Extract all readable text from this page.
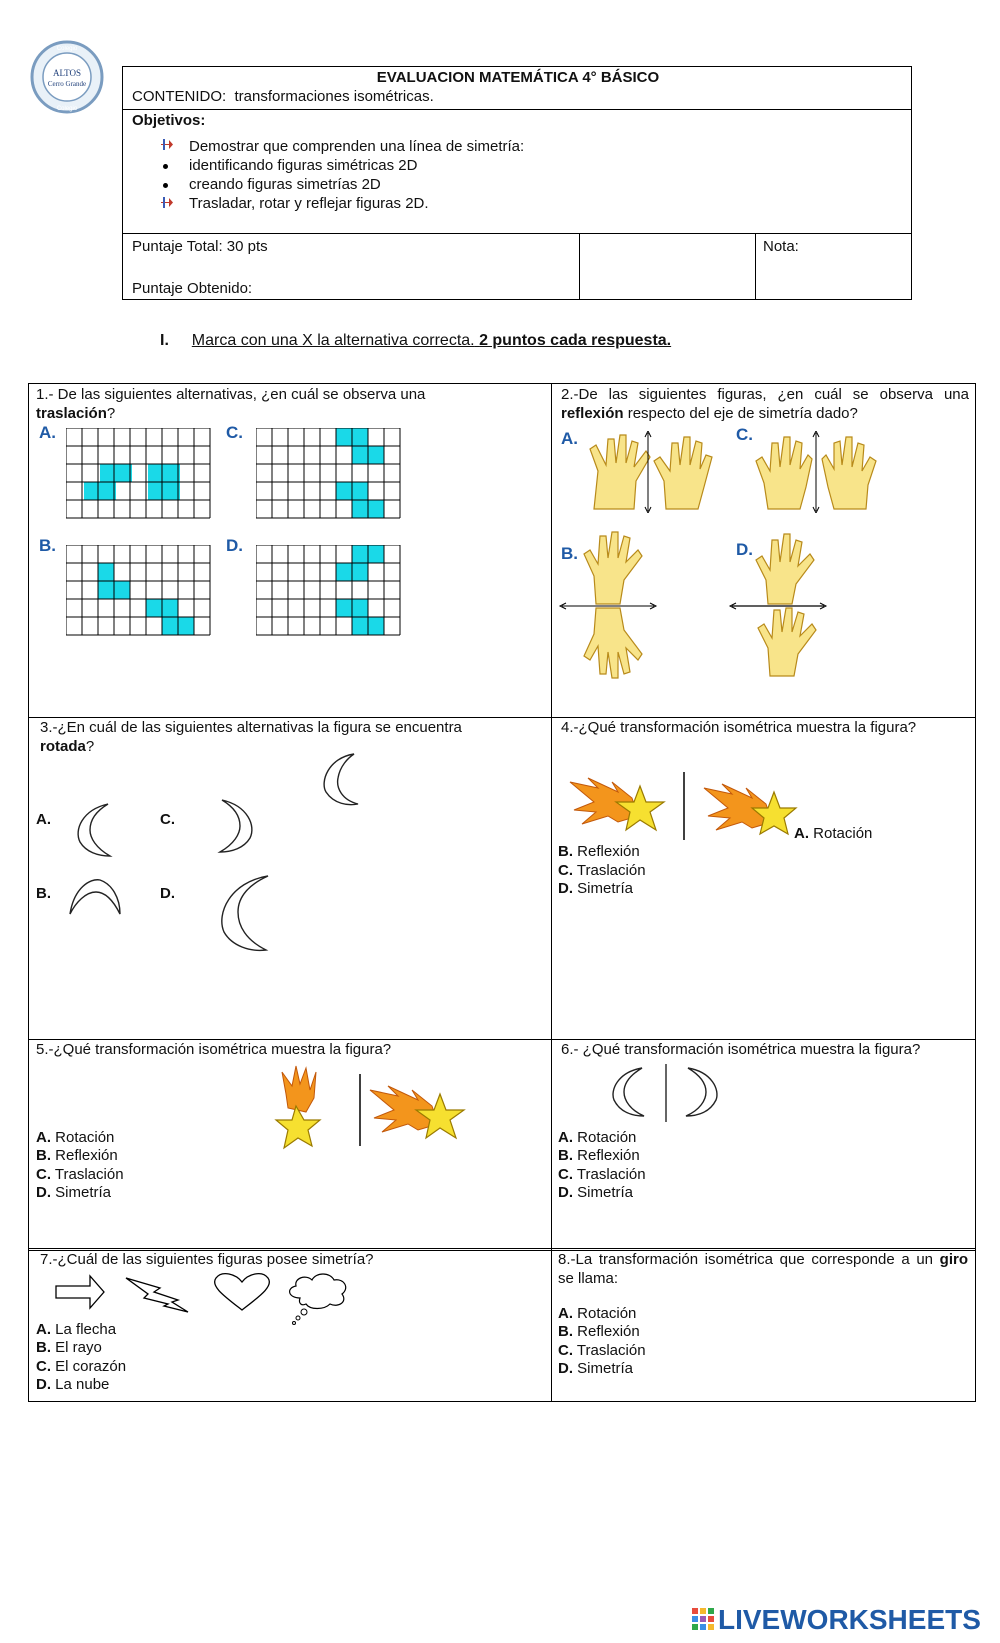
ALTOS
Cerro Grande
Colegio
Colegio
EVALUACION MATEMÁTICA 4° BÁSICO
CONTENIDO: transformaciones isométricas.
Objetivos:
Demostrar que comprenden una línea de simetría:
identificando figuras simétricas 2D
creando figuras simetrías 2D
Trasladar, rotar y reflejar figuras 2D.
Puntaje Total: 30 pts
Puntaje Obtenido:
Nota:
I. Marca con una X la alternativa correcta. 2 puntos cada respuesta.
1.- De las siguientes alternativas, ¿en cuál se observa una
traslación?
A.	C.
B.	D.
2.-De las siguientes figuras, ¿en cuál se observa una reflexión respecto del eje de simetría dado?
A.	C.
B.	D.
3.-¿En cuál de las siguientes alternativas la figura se encuentra
rotada?
A.	C.
B.	D.
4.-¿Qué transformación isométrica muestra la figura?
A. Rotación
B. Reflexión
C. Traslación
D. Simetría
5.-¿Qué transformación isométrica muestra la figura?
A. Rotación
B. Reflexión
C. Traslación
D. Simetría
6.- ¿Qué transformación isométrica muestra la figura?
A. Rotación
B. Reflexión
C. Traslación
D. Simetría
7.-¿Cuál de las siguientes figuras posee simetría?
A. La flecha
B. El rayo
C. El corazón
D. La nube
8.-La transformación isométrica que corresponde a un giro se llama:
A. Rotación
B. Reflexión
C. Traslación
D. Simetría
LIVEWORKSHEETS
